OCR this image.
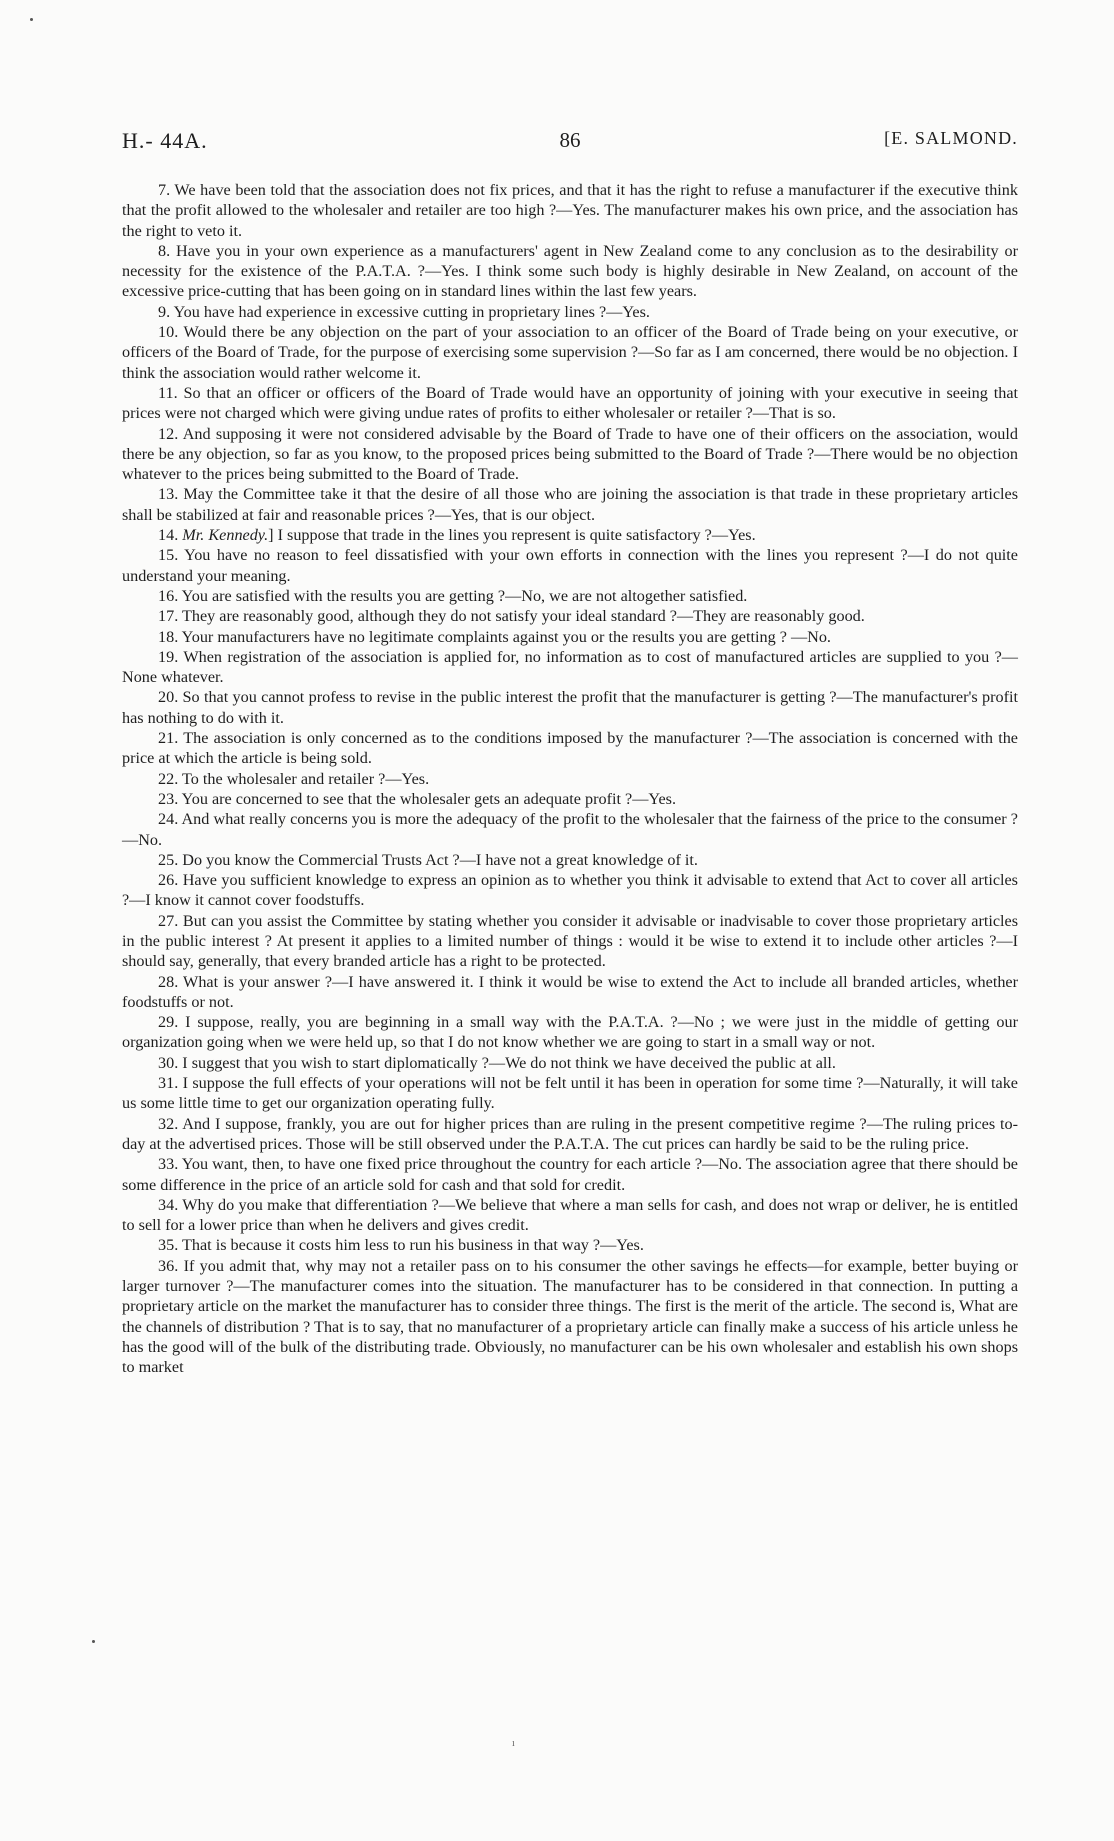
H.- 44A.	86	[E. SALMOND.

7. We have been told that the association does not fix prices, and that it has the right to refuse a manufacturer if the executive think that the profit allowed to the wholesaler and retailer are too high ?—Yes. The manufacturer makes his own price, and the association has the right to veto it.

8. Have you in your own experience as a manufacturers' agent in New Zealand come to any conclusion as to the desirability or necessity for the existence of the P.A.T.A. ?—Yes. I think some such body is highly desirable in New Zealand, on account of the excessive price-cutting that has been going on in standard lines within the last few years.

9. You have had experience in excessive cutting in proprietary lines ?—Yes.

10. Would there be any objection on the part of your association to an officer of the Board of Trade being on your executive, or officers of the Board of Trade, for the purpose of exercising some supervision ?—So far as I am concerned, there would be no objection. I think the association would rather welcome it.

11. So that an officer or officers of the Board of Trade would have an opportunity of joining with your executive in seeing that prices were not charged which were giving undue rates of profits to either wholesaler or retailer ?—That is so.

12. And supposing it were not considered advisable by the Board of Trade to have one of their officers on the association, would there be any objection, so far as you know, to the proposed prices being submitted to the Board of Trade ?—There would be no objection whatever to the prices being submitted to the Board of Trade.

13. May the Committee take it that the desire of all those who are joining the association is that trade in these proprietary articles shall be stabilized at fair and reasonable prices ?—Yes, that is our object.

14. Mr. Kennedy.] I suppose that trade in the lines you represent is quite satisfactory ?—Yes.

15. You have no reason to feel dissatisfied with your own efforts in connection with the lines you represent ?—I do not quite understand your meaning.

16. You are satisfied with the results you are getting ?—No, we are not altogether satisfied.

17. They are reasonably good, although they do not satisfy your ideal standard ?—They are reasonably good.

18. Your manufacturers have no legitimate complaints against you or the results you are getting ? —No.

19. When registration of the association is applied for, no information as to cost of manufactured articles are supplied to you ?—None whatever.

20. So that you cannot profess to revise in the public interest the profit that the manufacturer is getting ?—The manufacturer's profit has nothing to do with it.

21. The association is only concerned as to the conditions imposed by the manufacturer ?—The association is concerned with the price at which the article is being sold.

22. To the wholesaler and retailer ?—Yes.

23. You are concerned to see that the wholesaler gets an adequate profit ?—Yes.

24. And what really concerns you is more the adequacy of the profit to the wholesaler that the fairness of the price to the consumer ?—No.

25. Do you know the Commercial Trusts Act ?—I have not a great knowledge of it.

26. Have you sufficient knowledge to express an opinion as to whether you think it advisable to extend that Act to cover all articles ?—I know it cannot cover foodstuffs.

27. But can you assist the Committee by stating whether you consider it advisable or inadvisable to cover those proprietary articles in the public interest ? At present it applies to a limited number of things : would it be wise to extend it to include other articles ?—I should say, generally, that every branded article has a right to be protected.

28. What is your answer ?—I have answered it. I think it would be wise to extend the Act to include all branded articles, whether foodstuffs or not.

29. I suppose, really, you are beginning in a small way with the P.A.T.A. ?—No ; we were just in the middle of getting our organization going when we were held up, so that I do not know whether we are going to start in a small way or not.

30. I suggest that you wish to start diplomatically ?—We do not think we have deceived the public at all.

31. I suppose the full effects of your operations will not be felt until it has been in operation for some time ?—Naturally, it will take us some little time to get our organization operating fully.

32. And I suppose, frankly, you are out for higher prices than are ruling in the present competitive regime ?—The ruling prices to-day at the advertised prices. Those will be still observed under the P.A.T.A. The cut prices can hardly be said to be the ruling price.

33. You want, then, to have one fixed price throughout the country for each article ?—No. The association agree that there should be some difference in the price of an article sold for cash and that sold for credit.

34. Why do you make that differentiation ?—We believe that where a man sells for cash, and does not wrap or deliver, he is entitled to sell for a lower price than when he delivers and gives credit.

35. That is because it costs him less to run his business in that way ?—Yes.

36. If you admit that, why may not a retailer pass on to his consumer the other savings he effects—for example, better buying or larger turnover ?—The manufacturer comes into the situation. The manufacturer has to be considered in that connection. In putting a proprietary article on the market the manufacturer has to consider three things. The first is the merit of the article. The second is, What are the channels of distribution ? That is to say, that no manufacturer of a proprietary article can finally make a success of his article unless he has the good will of the bulk of the distributing trade. Obviously, no manufacturer can be his own wholesaler and establish his own shops to market

ı
